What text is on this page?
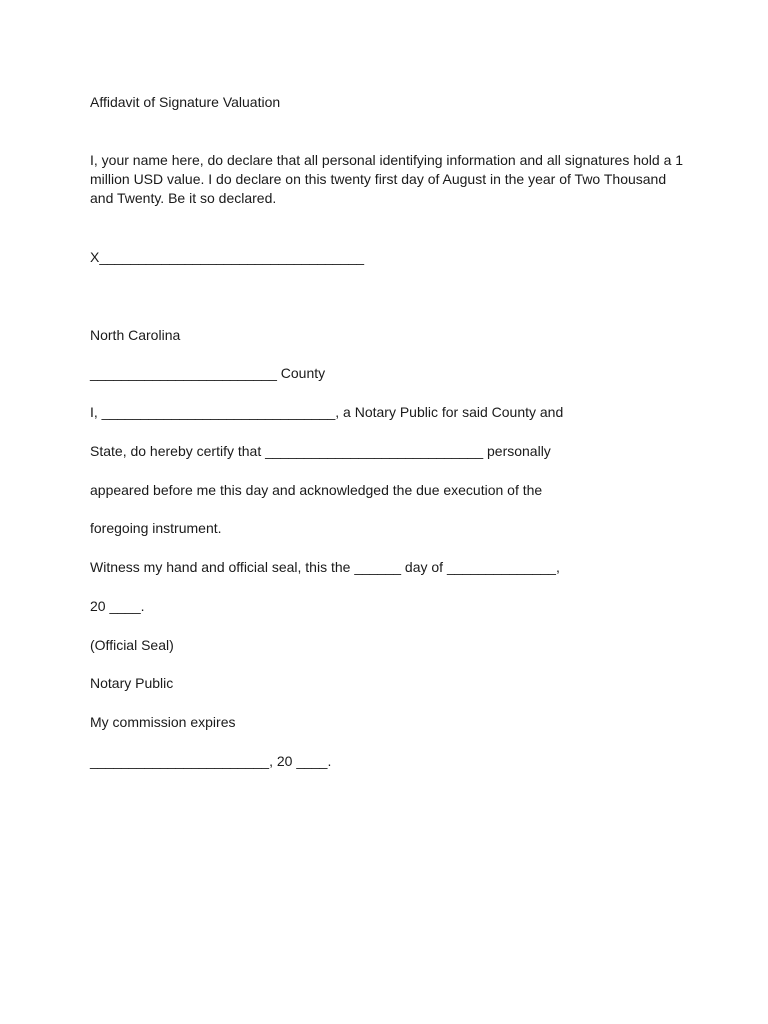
Affidavit of Signature Valuation

I, your name here, do declare that all personal identifying information and all signatures hold a 1
million USD value. I do declare on this twenty first day of August in the year of Two Thousand
and Twenty. Be it so declared.

X__________________________________

North Carolina

________________________ County

I, ______________________________, a Notary Public for said County and

State, do hereby certify that ____________________________ personally

appeared before me this day and acknowledged the due execution of the

foregoing instrument.

Witness my hand and official seal, this the ______ day of ______________,

20 ____.

(Official Seal)

Notary Public

My commission expires

_______________________, 20 ____.
